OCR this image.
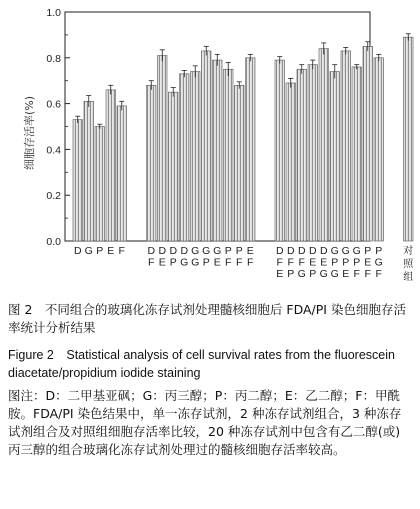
0.0
0.2
0.4
0.6
0.8
1.0
D G P E F D
F
D
E
D
P
D
G
G
G
G
P
G
E
P
F
P
F
E
F
D
F
E
D
F
P
D
F
G
D
E
P
D
E
G
G
P
G
G
P
E
G
P
F
P
E
F
P
G
F
对
照
组
细胞存活率(%)
图 2　不同组合的玻璃化冻存试剂处理髓核细胞后 FDA/PI 染色细胞存活率统计分析结果
Figure 2　Statistical analysis of cell survival rates from the fluorescein diacetate/propidium iodide staining
图注：D：二甲基亚砜；G：丙三醇；P：丙二醇；E：乙二醇；F：甲酰胺。FDA/PI 染色结果中，单一冻存试剂，2 种冻存试剂组合，3 种冻存试剂组合及对照组细胞存活率比较，20 种冻存试剂中包含有乙二醇(或)丙三醇的组合玻璃化冻存试剂处理过的髓核细胞存活率较高。
